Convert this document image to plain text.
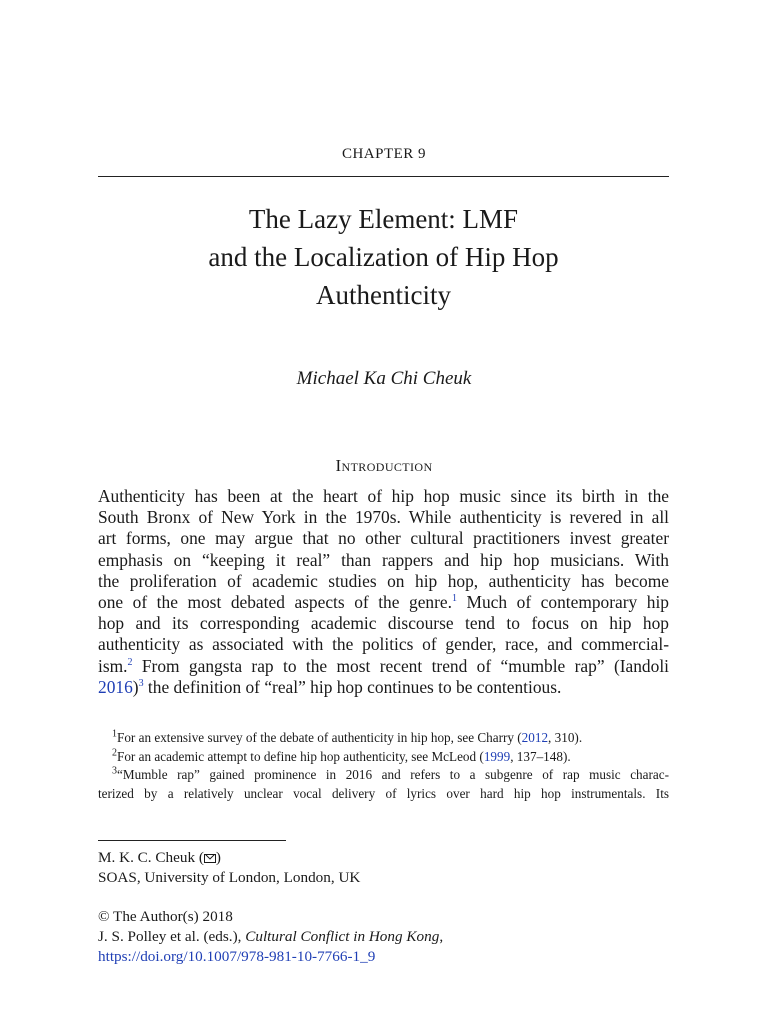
CHAPTER 9
The Lazy Element: LMF
and the Localization of Hip Hop
Authenticity
Michael Ka Chi Cheuk
Introduction
Authenticity has been at the heart of hip hop music since its birth in the
South Bronx of New York in the 1970s. While authenticity is revered in all
art forms, one may argue that no other cultural practitioners invest greater
emphasis on “keeping it real” than rappers and hip hop musicians. With
the proliferation of academic studies on hip hop, authenticity has become
one of the most debated aspects of the genre.$^1$ Much of contemporary hip
hop and its corresponding academic discourse tend to focus on hip hop
authenticity as associated with the politics of gender, race, and commercial-
ism.$^2$ From gangsta rap to the most recent trend of “mumble rap” (Iandoli
2016)$^3$ the definition of “real” hip hop continues to be contentious.
$^1$For an extensive survey of the debate of authenticity in hip hop, see Charry (2012, 310).
$^2$For an academic attempt to define hip hop authenticity, see McLeod (1999, 137–148).
$^3$“Mumble rap” gained prominence in 2016 and refers to a subgenre of rap music charac-
terized by a relatively unclear vocal delivery of lyrics over hard hip hop instrumentals. Its
M. K. C. Cheuk ( )
SOAS, University of London, London, UK
© The Author(s) 2018
J. S. Polley et al. (eds.), Cultural Conflict in Hong Kong,
https://doi.org/10.1007/978-981-10-7766-1_9
